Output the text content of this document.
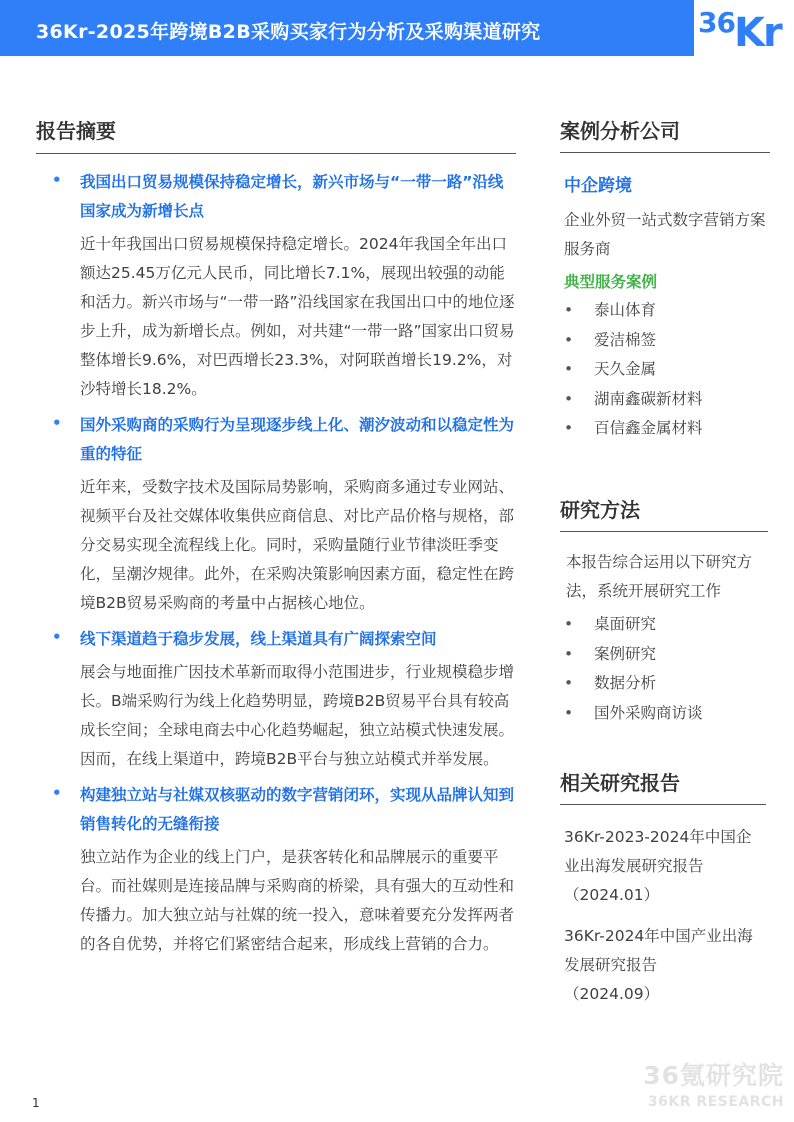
36Kr-2025年跨境B2B采购买家行为分析及采购渠道研究	36 Kr
报告摘要
• 我国出口贸易规模保持稳定增长，新兴市场与“一带一路”沿线国家成为新增长点
近十年我国出口贸易规模保持稳定增长。2024年我国全年出口额达25.45万亿元人民币，同比增长7.1%，展现出较强的动能和活力。新兴市场与“一带一路”沿线国家在我国出口中的地位逐步上升，成为新增长点。例如，对共建“一带一路”国家出口贸易整体增长9.6%，对巴西增长23.3%，对阿联酋增长19.2%，对沙特增长18.2%。
• 国外采购商的采购行为呈现逐步线上化、潮汐波动和以稳定性为重的特征
近年来，受数字技术及国际局势影响，采购商多通过专业网站、视频平台及社交媒体收集供应商信息、对比产品价格与规格，部分交易实现全流程线上化。同时，采购量随行业节律淡旺季变化，呈潮汐规律。此外，在采购决策影响因素方面，稳定性在跨境B2B贸易采购商的考量中占据核心地位。
• 线下渠道趋于稳步发展，线上渠道具有广阔探索空间
展会与地面推广因技术革新而取得小范围进步，行业规模稳步增长。B端采购行为线上化趋势明显，跨境B2B贸易平台具有较高成长空间；全球电商去中心化趋势崛起，独立站模式快速发展。因而，在线上渠道中，跨境B2B平台与独立站模式并举发展。
• 构建独立站与社媒双核驱动的数字营销闭环，实现从品牌认知到销售转化的无缝衔接
独立站作为企业的线上门户，是获客转化和品牌展示的重要平台。而社媒则是连接品牌与采购商的桥梁，具有强大的互动性和传播力。加大独立站与社媒的统一投入，意味着要充分发挥两者的各自优势，并将它们紧密结合起来，形成线上营销的合力。
案例分析公司
中企跨境
企业外贸一站式数字营销方案服务商
典型服务案例
• 泰山体育
• 爱洁棉签
• 天久金属
• 湖南鑫碳新材料
• 百信鑫金属材料
研究方法
本报告综合运用以下研究方法，系统开展研究工作
• 桌面研究
• 案例研究
• 数据分析
• 国外采购商访谈
相关研究报告
36Kr-2023-2024年中国企业出海发展研究报告
（2024.01）
36Kr-2024年中国产业出海发展研究报告
（2024.09）
36氪研究院
36KR RESEARCH
1
